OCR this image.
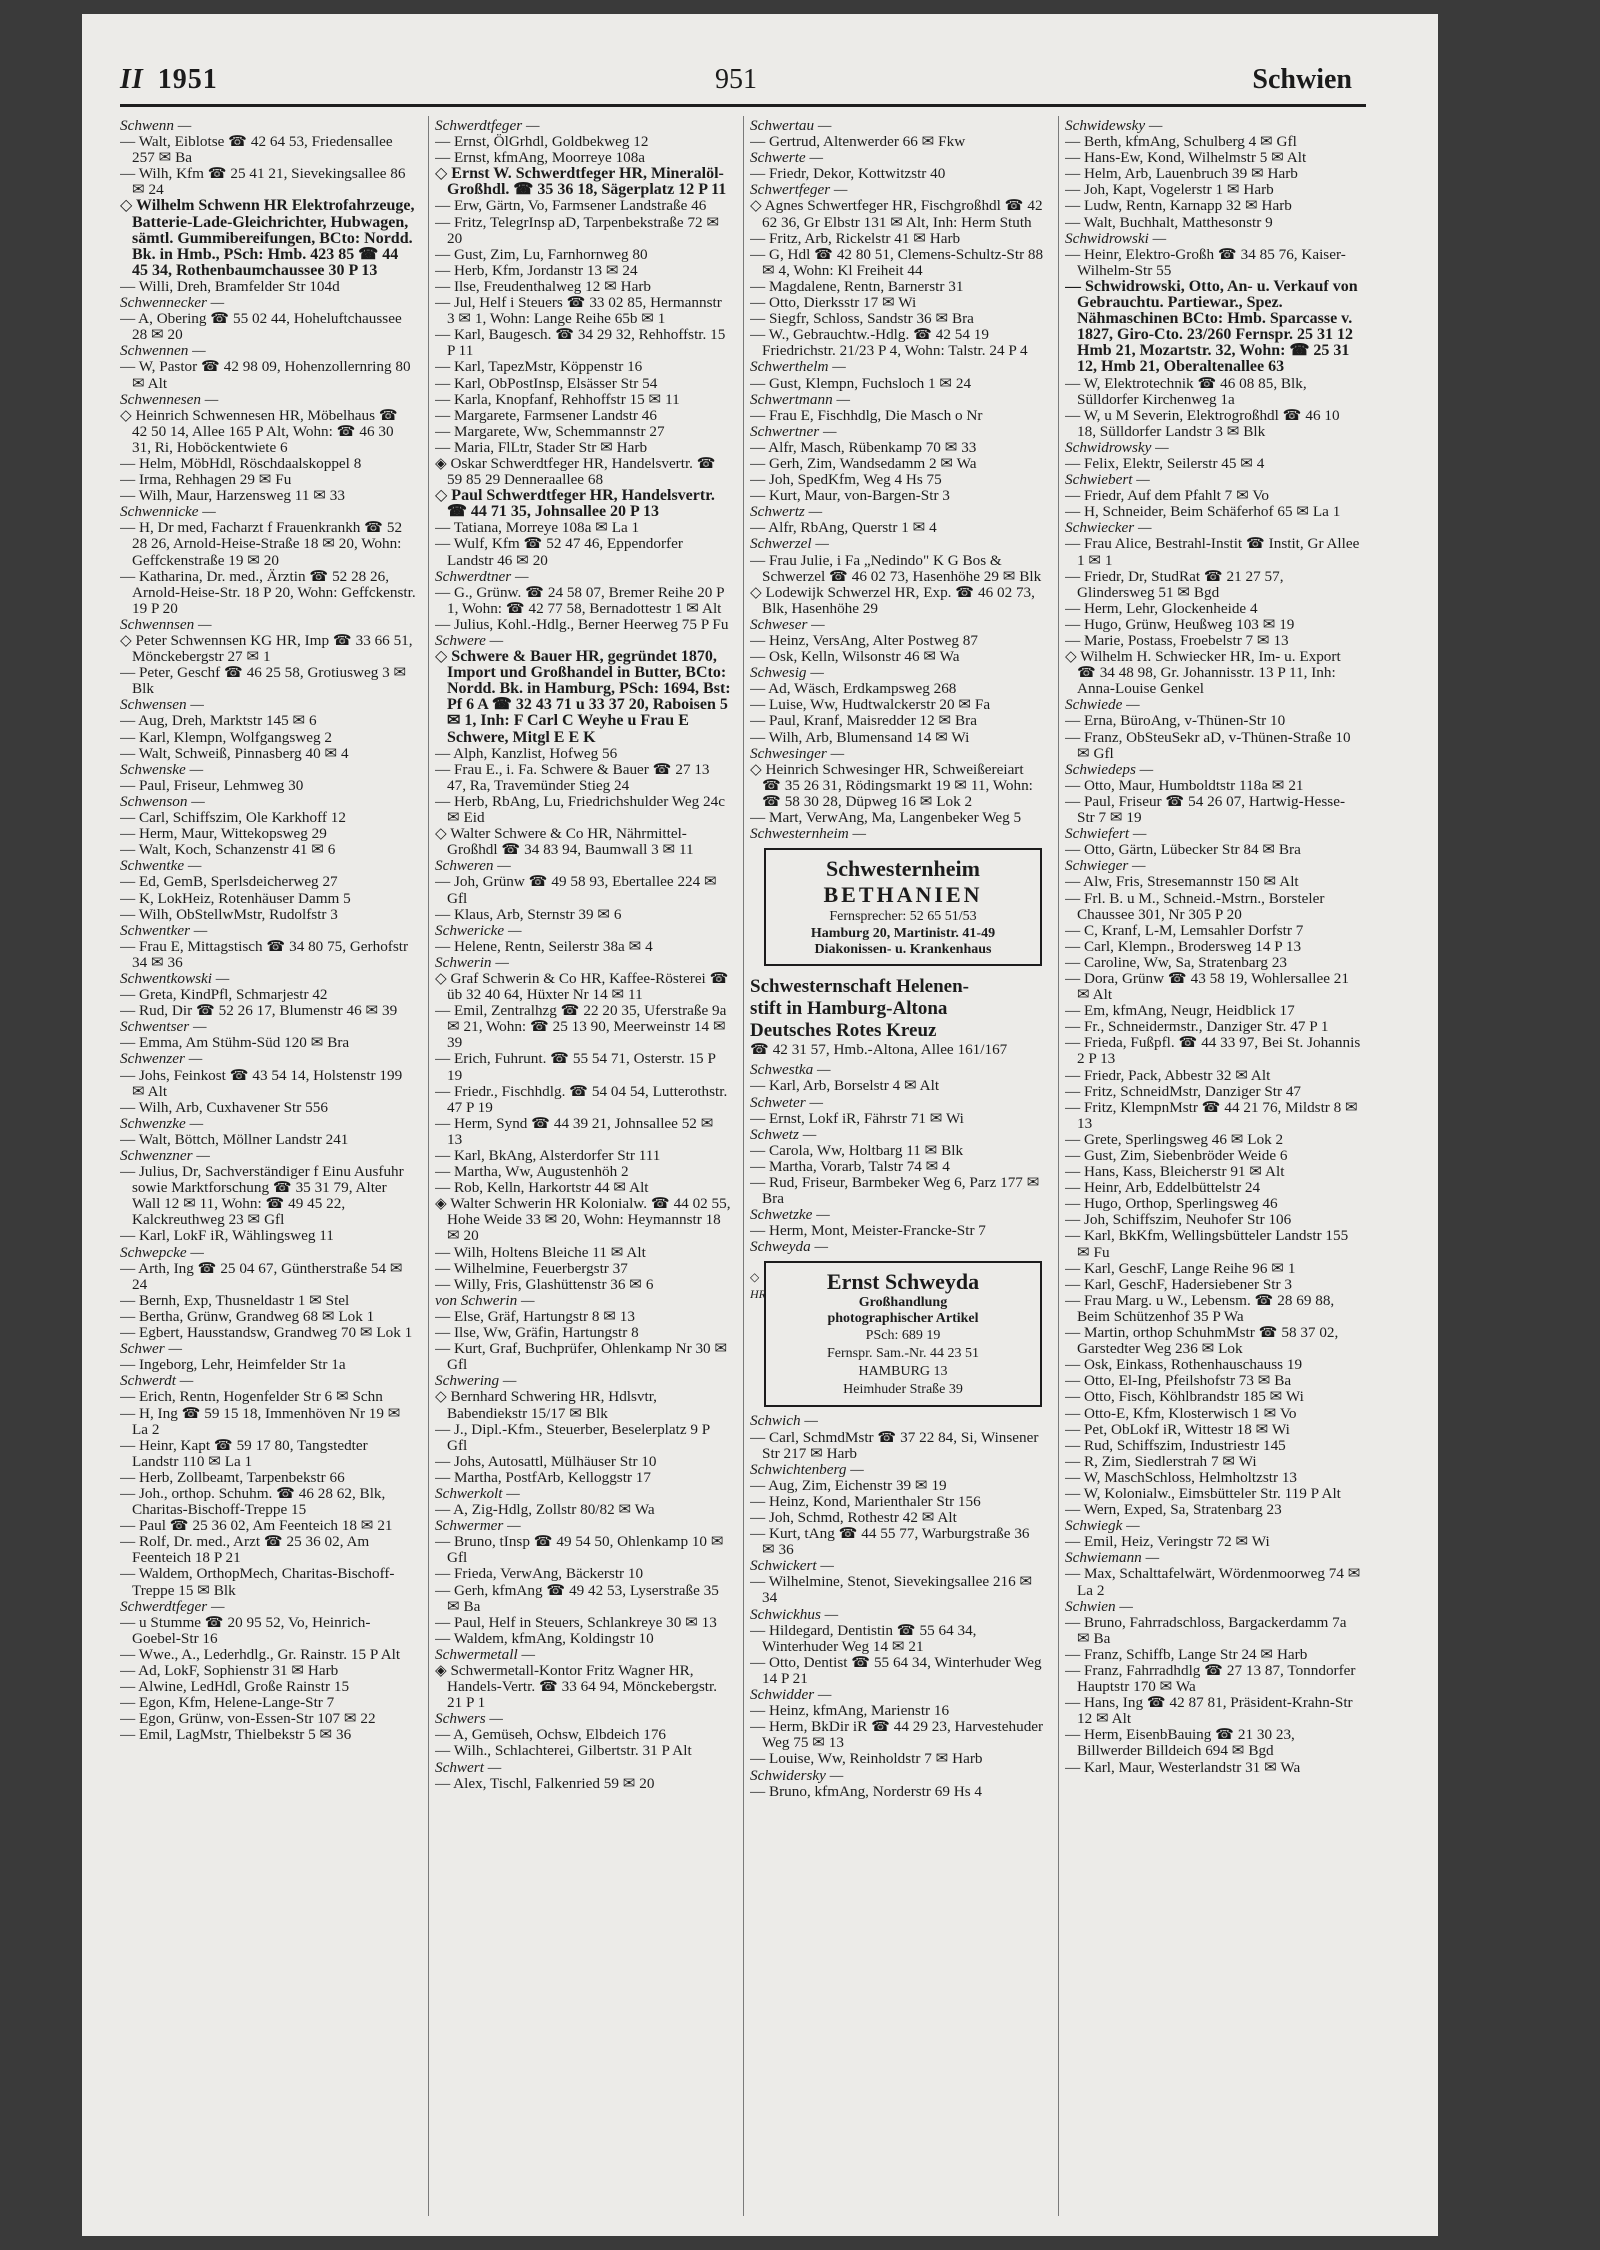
II 1951	951	Schwien
Schwenn —
— Walt, Eiblotse ☎ 42 64 53, Friedensallee 257 ✉ Ba
— Wilh, Kfm ☎ 25 41 21, Sievekingsallee 86 ✉ 24
◇ Wilhelm Schwenn HR Elektrofahrzeuge, Batterie-Lade-Gleichrichter, Hubwagen, sämtl. Gummibereifungen, BCto: Nordd. Bk. in Hmb., PSch: Hmb. 423 85 ☎ 44 45 34, Rothenbaumchaussee 30 P 13
— Willi, Dreh, Bramfelder Str 104d
Schwennecker —
— A, Obering ☎ 55 02 44, Hoheluftchaussee 28 ✉ 20
Schwennen —
— W, Pastor ☎ 42 98 09, Hohenzollernring 80 ✉ Alt
Schwennesen —
◇ Heinrich Schwennesen HR, Möbelhaus ☎ 42 50 14, Allee 165 P Alt, Wohn: ☎ 46 30 31, Ri, Hoböckentwiete 6
— Helm, MöbHdl, Röschdaalskoppel 8
— Irma, Rehhagen 29 ✉ Fu
— Wilh, Maur, Harzensweg 11 ✉ 33
Schwennicke —
— H, Dr med, Facharzt f Frauenkrankh ☎ 52 28 26, Arnold-Heise-Straße 18 ✉ 20, Wohn: Geffckenstraße 19 ✉ 20
— Katharina, Dr. med., Ärztin ☎ 52 28 26, Arnold-Heise-Str. 18 P 20, Wohn: Geffckenstr. 19 P 20
Schwennsen —
◇ Peter Schwennsen KG HR, Imp ☎ 33 66 51, Mönckebergstr 27 ✉ 1
— Peter, Geschf ☎ 46 25 58, Grotiusweg 3 ✉ Blk
Schwensen —
— Aug, Dreh, Marktstr 145 ✉ 6
— Karl, Klempn, Wolfgangsweg 2
— Walt, Schweiß, Pinnasberg 40 ✉ 4
Schwenske —
— Paul, Friseur, Lehmweg 30
Schwenson —
— Carl, Schiffszim, Ole Karkhoff 12
— Herm, Maur, Wittekopsweg 29
— Walt, Koch, Schanzenstr 41 ✉ 6
Schwentke —
— Ed, GemB, Sperlsdeicherweg 27
— K, LokHeiz, Rotenhäuser Damm 5
— Wilh, ObStellwMstr, Rudolfstr 3
Schwentker —
— Frau E, Mittagstisch ☎ 34 80 75, Gerhofstr 34 ✉ 36
Schwentkowski —
— Greta, KindPfl, Schmarjestr 42
— Rud, Dir ☎ 52 26 17, Blumenstr 46 ✉ 39
Schwentser —
— Emma, Am Stühm-Süd 120 ✉ Bra
Schwenzer —
— Johs, Feinkost ☎ 43 54 14, Holstenstr 199 ✉ Alt
— Wilh, Arb, Cuxhavener Str 556
Schwenzke —
— Walt, Böttch, Möllner Landstr 241
Schwenzner —
— Julius, Dr, Sachverständiger f Einu Ausfuhr sowie Marktforschung ☎ 35 31 79, Alter Wall 12 ✉ 11, Wohn: ☎ 49 45 22, Kalckreuthweg 23 ✉ Gfl
— Karl, LokF iR, Wählingsweg 11
Schwepcke —
— Arth, Ing ☎ 25 04 67, Güntherstraße 54 ✉ 24
— Bernh, Exp, Thusneldastr 1 ✉ Stel
— Bertha, Grünw, Grandweg 68 ✉ Lok 1
— Egbert, Hausstandsw, Grandweg 70 ✉ Lok 1
Schwer —
— Ingeborg, Lehr, Heimfelder Str 1a
Schwerdt —
— Erich, Rentn, Hogenfelder Str 6 ✉ Schn
— H, Ing ☎ 59 15 18, Immenhöven Nr 19 ✉ La 2
— Heinr, Kapt ☎ 59 17 80, Tangstedter Landstr 110 ✉ La 1
— Herb, Zollbeamt, Tarpenbekstr 66
— Joh., orthop. Schuhm. ☎ 46 28 62, Blk, Charitas-Bischoff-Treppe 15
— Paul ☎ 25 36 02, Am Feenteich 18 ✉ 21
— Rolf, Dr. med., Arzt ☎ 25 36 02, Am Feenteich 18 P 21
— Waldem, OrthopMech, Charitas-Bischoff-Treppe 15 ✉ Blk
Schwerdtfeger —
— u Stumme ☎ 20 95 52, Vo, Heinrich-Goebel-Str 16
— Wwe., A., Lederhdlg., Gr. Rainstr. 15 P Alt
— Ad, LokF, Sophienstr 31 ✉ Harb
— Alwine, LedHdl, Große Rainstr 15
— Egon, Kfm, Helene-Lange-Str 7
— Egon, Grünw, von-Essen-Str 107 ✉ 22
— Emil, LagMstr, Thielbekstr 5 ✉ 36
Schwerdtfeger —
— Ernst, ÖlGrhdl, Goldbekweg 12
— Ernst, kfmAng, Moorreye 108a
◇ Ernst W. Schwerdtfeger HR, Mineralöl-Großhdl. ☎ 35 36 18, Sägerplatz 12 P 11
— Erw, Gärtn, Vo, Farmsener Landstraße 46
— Fritz, TelegrInsp aD, Tarpenbekstraße 72 ✉ 20
— Gust, Zim, Lu, Farnhornweg 80
— Herb, Kfm, Jordanstr 13 ✉ 24
— Ilse, Freudenthalweg 12 ✉ Harb
— Jul, Helf i Steuers ☎ 33 02 85, Hermannstr 3 ✉ 1, Wohn: Lange Reihe 65b ✉ 1
— Karl, Baugesch. ☎ 34 29 32, Rehhoffstr. 15 P 11
— Karl, TapezMstr, Köppenstr 16
— Karl, ObPostInsp, Elsässer Str 54
— Karla, Knopfanf, Rehhoffstr 15 ✉ 11
— Margarete, Farmsener Landstr 46
— Margarete, Ww, Schemmannstr 27
— Maria, FlLtr, Stader Str ✉ Harb
◈ Oskar Schwerdtfeger HR, Handelsvertr. ☎ 59 85 29 Denneraallee 68
◇ Paul Schwerdtfeger HR, Handelsvertr. ☎ 44 71 35, Johnsallee 20 P 13
— Tatiana, Morreye 108a ✉ La 1
— Wulf, Kfm ☎ 52 47 46, Eppendorfer Landstr 46 ✉ 20
Schwerdtner —
— G., Grünw. ☎ 24 58 07, Bremer Reihe 20 P 1, Wohn: ☎ 42 77 58, Bernadottestr 1 ✉ Alt
— Julius, Kohl.-Hdlg., Berner Heerweg 75 P Fu
Schwere —
◇ Schwere & Bauer HR, gegründet 1870, Import und Großhandel in Butter, BCto: Nordd. Bk. in Hamburg, PSch: 1694, Bst: Pf 6 A ☎ 32 43 71 u 33 37 20, Raboisen 5 ✉ 1, Inh: F Carl C Weyhe u Frau E Schwere, Mitgl E E K
— Alph, Kanzlist, Hofweg 56
— Frau E., i. Fa. Schwere & Bauer ☎ 27 13 47, Ra, Travemünder Stieg 24
— Herb, RbAng, Lu, Friedrichshulder Weg 24c ✉ Eid
◇ Walter Schwere & Co HR, Nährmittel-Großhdl ☎ 34 83 94, Baumwall 3 ✉ 11
Schweren —
— Joh, Grünw ☎ 49 58 93, Ebertallee 224 ✉ Gfl
— Klaus, Arb, Sternstr 39 ✉ 6
Schwericke —
— Helene, Rentn, Seilerstr 38a ✉ 4
Schwerin —
◇ Graf Schwerin & Co HR, Kaffee-Rösterei ☎ üb 32 40 64, Hüxter Nr 14 ✉ 11
— Emil, Zentralhzg ☎ 22 20 35, Uferstraße 9a ✉ 21, Wohn: ☎ 25 13 90, Meerweinstr 14 ✉ 39
— Erich, Fuhrunt. ☎ 55 54 71, Osterstr. 15 P 19
— Friedr., Fischhdlg. ☎ 54 04 54, Lutterothstr. 47 P 19
— Herm, Synd ☎ 44 39 21, Johnsallee 52 ✉ 13
— Karl, BkAng, Alsterdorfer Str 111
— Martha, Ww, Augustenhöh 2
— Rob, Kelln, Harkortstr 44 ✉ Alt
◈ Walter Schwerin HR Kolonialw. ☎ 44 02 55, Hohe Weide 33 ✉ 20, Wohn: Heymannstr 18 ✉ 20
— Wilh, Holtens Bleiche 11 ✉ Alt
— Wilhelmine, Feuerbergstr 37
— Willy, Fris, Glashüttenstr 36 ✉ 6
von Schwerin —
— Else, Gräf, Hartungstr 8 ✉ 13
— Ilse, Ww, Gräfin, Hartungstr 8
— Kurt, Graf, Buchprüfer, Ohlenkamp Nr 30 ✉ Gfl
Schwering —
◇ Bernhard Schwering HR, Hdlsvtr, Babendiekstr 15/17 ✉ Blk
— J., Dipl.-Kfm., Steuerber, Beselerplatz 9 P Gfl
— Johs, Autosattl, Mülhäuser Str 10
— Martha, PostfArb, Kelloggstr 17
Schwerkolt —
— A, Zig-Hdlg, Zollstr 80/82 ✉ Wa
Schwermer —
— Bruno, tInsp ☎ 49 54 50, Ohlenkamp 10 ✉ Gfl
— Frieda, VerwAng, Bäckerstr 10
— Gerh, kfmAng ☎ 49 42 53, Lyserstraße 35 ✉ Ba
— Paul, Helf in Steuers, Schlankreye 30 ✉ 13
— Waldem, kfmAng, Koldingstr 10
Schwermetall —
◈ Schwermetall-Kontor Fritz Wagner HR, Handels-Vertr. ☎ 33 64 94, Mönckebergstr. 21 P 1
Schwers —
— A, Gemüseh, Ochsw, Elbdeich 176
— Wilh., Schlachterei, Gilbertstr. 31 P Alt
Schwert —
— Alex, Tischl, Falkenried 59 ✉ 20
Schwertau —
— Gertrud, Altenwerder 66 ✉ Fkw
Schwerte —
— Friedr, Dekor, Kottwitzstr 40
Schwertfeger —
◇ Agnes Schwertfeger HR, Fischgroßhdl ☎ 42 62 36, Gr Elbstr 131 ✉ Alt, Inh: Herm Stuth
— Fritz, Arb, Rickelstr 41 ✉ Harb
— G, Hdl ☎ 42 80 51, Clemens-Schultz-Str 88 ✉ 4, Wohn: Kl Freiheit 44
— Magdalene, Rentn, Barnerstr 31
— Otto, Dierksstr 17 ✉ Wi
— Siegfr, Schloss, Sandstr 36 ✉ Bra
— W., Gebrauchtw.-Hdlg. ☎ 42 54 19 Friedrichstr. 21/23 P 4, Wohn: Talstr. 24 P 4
Schwerthelm —
— Gust, Klempn, Fuchsloch 1 ✉ 24
Schwertmann —
— Frau E, Fischhdlg, Die Masch o Nr
Schwertner —
— Alfr, Masch, Rübenkamp 70 ✉ 33
— Gerh, Zim, Wandsedamm 2 ✉ Wa
— Joh, SpedKfm, Weg 4 Hs 75
— Kurt, Maur, von-Bargen-Str 3
Schwertz —
— Alfr, RbAng, Querstr 1 ✉ 4
Schwerzel —
— Frau Julie, i Fa „Nedindo" K G Bos & Schwerzel ☎ 46 02 73, Hasenhöhe 29 ✉ Blk
◇ Lodewijk Schwerzel HR, Exp. ☎ 46 02 73, Blk, Hasenhöhe 29
Schweser —
— Heinz, VersAng, Alter Postweg 87
— Osk, Kelln, Wilsonstr 46 ✉ Wa
Schwesig —
— Ad, Wäsch, Erdkampsweg 268
— Luise, Ww, Hudtwalckerstr 20 ✉ Fa
— Paul, Kranf, Maisredder 12 ✉ Bra
— Wilh, Arb, Blumensand 14 ✉ Wi
Schwesinger —
◇ Heinrich Schwesinger HR, Schweißereiart ☎ 35 26 31, Rödingsmarkt 19 ✉ 11, Wohn: ☎ 58 30 28, Düpweg 16 ✉ Lok 2
— Mart, VerwAng, Ma, Langenbeker Weg 5
Schwesternheim —
Schwesternheim
BETHANIEN
Fernsprecher: 52 65 51/53
Hamburg 20, Martinistr. 41-49
Diakonissen- u. Krankenhaus
Schwesternschaft Helenen-
stift in Hamburg-Altona
Deutsches Rotes Kreuz
☎ 42 31 57, Hmb.-Altona, Allee 161/167
Schwestka —
— Karl, Arb, Borselstr 4 ✉ Alt
Schweter —
— Ernst, Lokf iR, Fährstr 71 ✉ Wi
Schwetz —
— Carola, Ww, Holtbarg 11 ✉ Blk
— Martha, Vorarb, Talstr 74 ✉ 4
— Rud, Friseur, Barmbeker Weg 6, Parz 177 ✉ Bra
Schwetzke —
— Herm, Mont, Meister-Francke-Str 7
Schweyda —
◇ HR	Ernst Schweyda
Großhandlung
photographischer Artikel
PSch: 689 19
Fernspr. Sam.-Nr. 44 23 51
HAMBURG 13
Heimhuder Straße 39
Schwich —
— Carl, SchmdMstr ☎ 37 22 84, Si, Winsener Str 217 ✉ Harb
Schwichtenberg —
— Aug, Zim, Eichenstr 39 ✉ 19
— Heinz, Kond, Marienthaler Str 156
— Joh, Schmd, Rothestr 42 ✉ Alt
— Kurt, tAng ☎ 44 55 77, Warburgstraße 36 ✉ 36
Schwickert —
— Wilhelmine, Stenot, Sievekingsallee 216 ✉ 34
Schwickhus —
— Hildegard, Dentistin ☎ 55 64 34, Winterhuder Weg 14 ✉ 21
— Otto, Dentist ☎ 55 64 34, Winterhuder Weg 14 P 21
Schwidder —
— Heinz, kfmAng, Marienstr 16
— Herm, BkDir iR ☎ 44 29 23, Harvestehuder Weg 75 ✉ 13
— Louise, Ww, Reinholdstr 7 ✉ Harb
Schwidersky —
— Bruno, kfmAng, Norderstr 69 Hs 4
Schwidewsky —
— Berth, kfmAng, Schulberg 4 ✉ Gfl
— Hans-Ew, Kond, Wilhelmstr 5 ✉ Alt
— Helm, Arb, Lauenbruch 39 ✉ Harb
— Joh, Kapt, Vogelerstr 1 ✉ Harb
— Ludw, Rentn, Karnapp 32 ✉ Harb
— Walt, Buchhalt, Matthesonstr 9
Schwidrowski —
— Heinr, Elektro-Großh ☎ 34 85 76, Kaiser-Wilhelm-Str 55
— Schwidrowski, Otto, An- u. Verkauf von Gebrauchtu. Partiewar., Spez. Nähmaschinen BCto: Hmb. Sparcasse v. 1827, Giro-Cto. 23/260 Fernspr. 25 31 12 Hmb 21, Mozartstr. 32, Wohn: ☎ 25 31 12, Hmb 21, Oberaltenallee 63
— W, Elektrotechnik ☎ 46 08 85, Blk, Sülldorfer Kirchenweg 1a
— W, u M Severin, Elektrogroßhdl ☎ 46 10 18, Sülldorfer Landstr 3 ✉ Blk
Schwidrowsky —
— Felix, Elektr, Seilerstr 45 ✉ 4
Schwiebert —
— Friedr, Auf dem Pfahlt 7 ✉ Vo
— H, Schneider, Beim Schäferhof 65 ✉ La 1
Schwiecker —
— Frau Alice, Bestrahl-Instit ☎ Instit, Gr Allee 1 ✉ 1
— Friedr, Dr, StudRat ☎ 21 27 57, Glindersweg 51 ✉ Bgd
— Herm, Lehr, Glockenheide 4
— Hugo, Grünw, Heußweg 103 ✉ 19
— Marie, Postass, Froebelstr 7 ✉ 13
◇ Wilhelm H. Schwiecker HR, Im- u. Export ☎ 34 48 98, Gr. Johannisstr. 13 P 11, Inh: Anna-Louise Genkel
Schwiede —
— Erna, BüroAng, v-Thünen-Str 10
— Franz, ObSteuSekr aD, v-Thünen-Straße 10 ✉ Gfl
Schwiedeps —
— Otto, Maur, Humboldtstr 118a ✉ 21
— Paul, Friseur ☎ 54 26 07, Hartwig-Hesse-Str 7 ✉ 19
Schwiefert —
— Otto, Gärtn, Lübecker Str 84 ✉ Bra
Schwieger —
— Alw, Fris, Stresemannstr 150 ✉ Alt
— Frl. B. u M., Schneid.-Mstrn., Borsteler Chaussee 301, Nr 305 P 20
— C, Kranf, L-M, Lemsahler Dorfstr 7
— Carl, Klempn., Brodersweg 14 P 13
— Caroline, Ww, Sa, Stratenbarg 23
— Dora, Grünw ☎ 43 58 19, Wohlersallee 21 ✉ Alt
— Em, kfmAng, Neugr, Heidblick 17
— Fr., Schneidermstr., Danziger Str. 47 P 1
— Frieda, Fußpfl. ☎ 44 33 97, Bei St. Johannis 2 P 13
— Friedr, Pack, Abbestr 32 ✉ Alt
— Fritz, SchneidMstr, Danziger Str 47
— Fritz, KlempnMstr ☎ 44 21 76, Mildstr 8 ✉ 13
— Grete, Sperlingsweg 46 ✉ Lok 2
— Gust, Zim, Siebenbröder Weide 6
— Hans, Kass, Bleicherstr 91 ✉ Alt
— Heinr, Arb, Eddelbüttelstr 24
— Hugo, Orthop, Sperlingsweg 46
— Joh, Schiffszim, Neuhofer Str 106
— Karl, BkKfm, Wellingsbütteler Landstr 155 ✉ Fu
— Karl, GeschF, Lange Reihe 96 ✉ 1
— Karl, GeschF, Hadersiebener Str 3
— Frau Marg. u W., Lebensm. ☎ 28 69 88, Beim Schützenhof 35 P Wa
— Martin, orthop SchuhmMstr ☎ 58 37 02, Garstedter Weg 236 ✉ Lok
— Osk, Einkass, Rothenhauschauss 19
— Otto, El-Ing, Pfeilshofstr 73 ✉ Ba
— Otto, Fisch, Köhlbrandstr 185 ✉ Wi
— Otto-E, Kfm, Klosterwisch 1 ✉ Vo
— Pet, ObLokf iR, Wittestr 18 ✉ Wi
— Rud, Schiffszim, Industriestr 145
— R, Zim, Siedlerstrah 7 ✉ Wi
— W, MaschSchloss, Helmholtzstr 13
— W, Kolonialw., Eimsbütteler Str. 119 P Alt
— Wern, Exped, Sa, Stratenbarg 23
Schwiegk —
— Emil, Heiz, Veringstr 72 ✉ Wi
Schwiemann —
— Max, Schalttafelwärt, Wördenmoorweg 74 ✉ La 2
Schwien —
— Bruno, Fahrradschloss, Bargackerdamm 7a ✉ Ba
— Franz, Schiffb, Lange Str 24 ✉ Harb
— Franz, Fahrradhdlg ☎ 27 13 87, Tonndorfer Hauptstr 170 ✉ Wa
— Hans, Ing ☎ 42 87 81, Präsident-Krahn-Str 12 ✉ Alt
— Herm, EisenbBauing ☎ 21 30 23, Billwerder Billdeich 694 ✉ Bgd
— Karl, Maur, Westerlandstr 31 ✉ Wa
